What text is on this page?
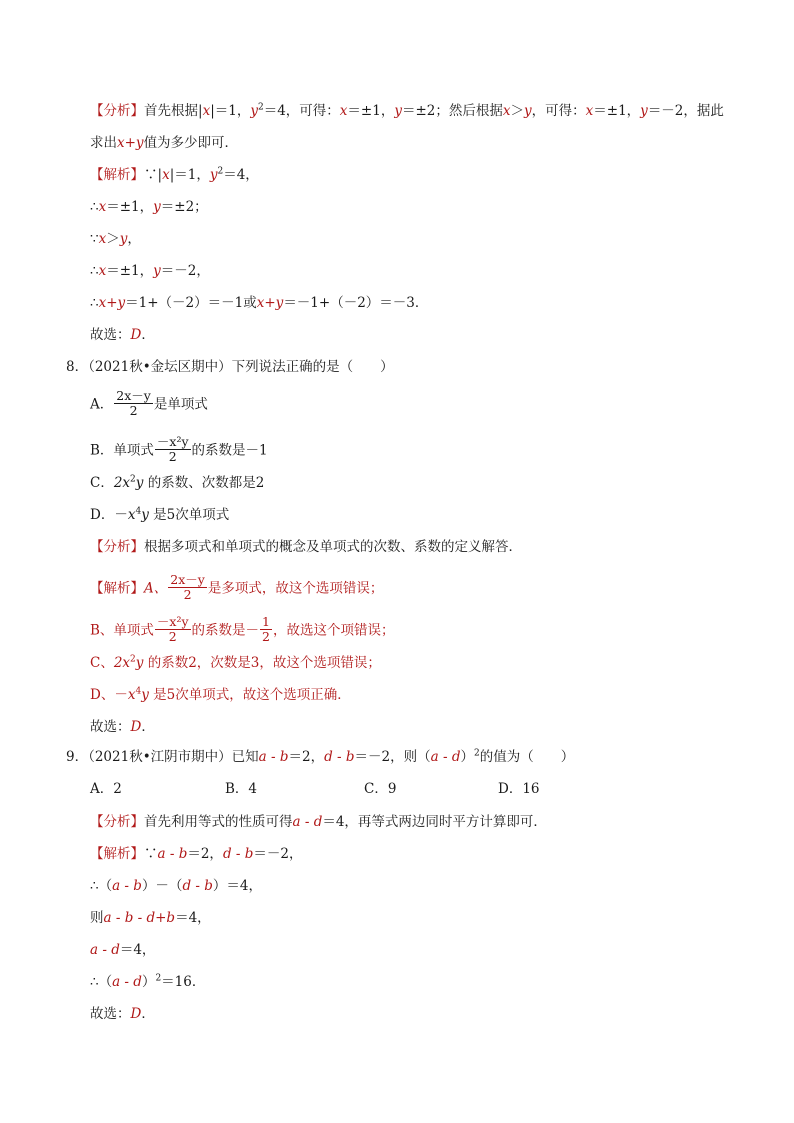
【分析】首先根据|x|＝1，$y^2=4$，可得：x＝±1，y＝±2；然后根据x＞y，可得：x＝±1，y＝－2，据此
求出x+y值为多少即可．
【解析】∵|x|＝1，$y^2=4$，
∴x＝±1，y＝±2；
∵x＞y，
∴x＝±1，y＝－2，
∴x+y＝1+（－2）＝－1或x+y＝－1+（－2）＝－3．
故选：D．
8．（2021秋•金坛区期中）下列说法正确的是（　　）
A． $\frac{2x-y}{2}$ 是单项式
B．单项式 $\frac{\text{－x²y}}{2}$ 的系数是－1
C．$2x^2y$ 的系数、次数都是2
D．$-x^4y$ 是5次单项式
【分析】根据多项式和单项式的概念及单项式的次数、系数的定义解答．
【解析】A、 $\frac{2x-y}{2}$ 是多项式，故这个选项错误；
B、单项式 $\frac{\text{－x²y}}{2}$ 的系数是－ $\frac{1}{2}$ ，故选这个项错误；
C、$2x^2y$ 的系数2，次数是3，故这个选项错误；
D、$-x^4y$ 是5次单项式，故这个选项正确．
故选：D．
9．（2021秋•江阴市期中）已知a - b＝2，d - b＝－2，则（a - d）$^2$的值为（　　）
A．2	B．4	C．9	D．16
【分析】首先利用等式的性质可得a - d＝4，再等式两边同时平方计算即可．
【解析】∵a - b＝2，d - b＝－2，
∴（a - b）－（d - b）＝4，
则a - b - d+b＝4，
a - d＝4，
∴（a - d）$^2$＝16．
故选：D．
